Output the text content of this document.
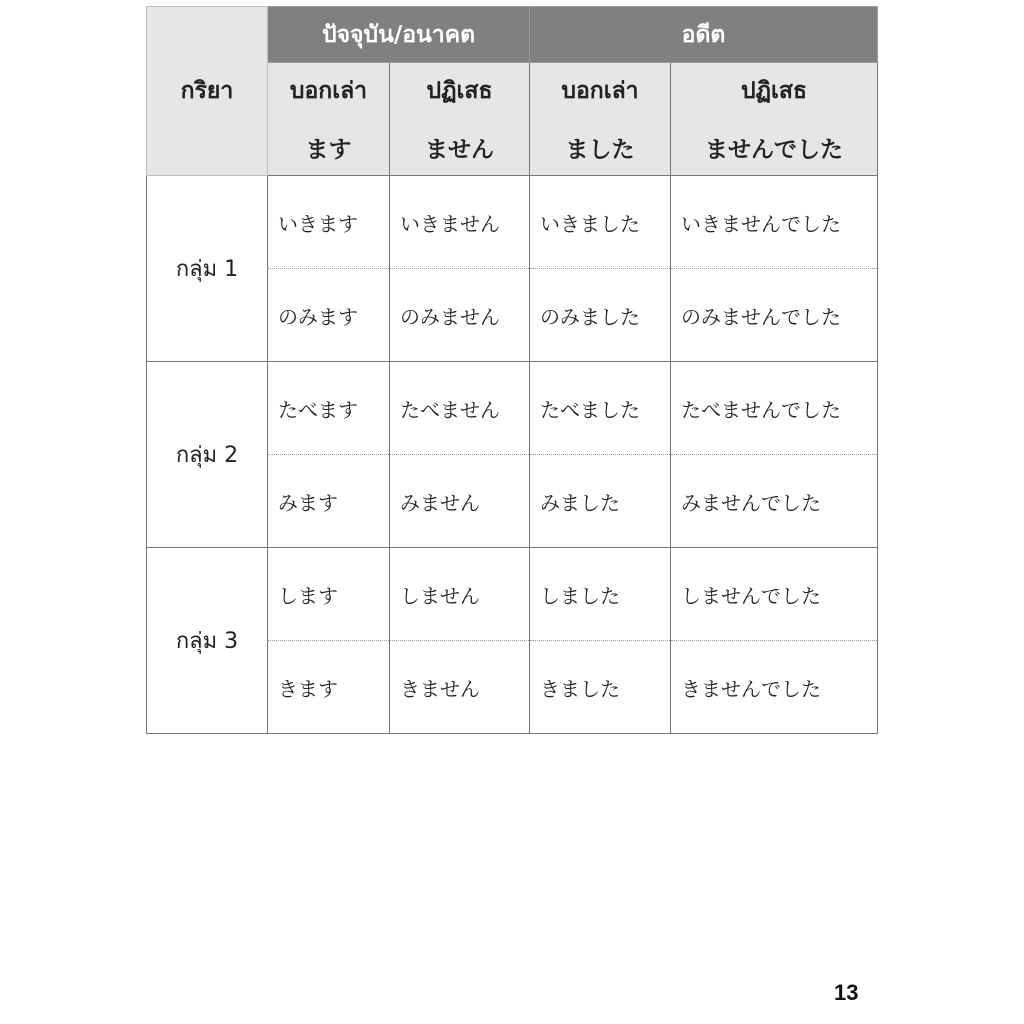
กริยา	ปัจจุบัน/อนาคต		อดีต	
	บอกเล่า	ปฏิเสธ	บอกเล่า	ปฏิเสธ
	ます	ません	ました	ませんでした
กลุ่ม 1	いきます	いきません	いきました	いきませんでした
	のみます	のみません	のみました	のみませんでした
กลุ่ม 2	たべます	たべません	たべました	たべませんでした
	みます	みません	みました	みませんでした
กลุ่ม 3	します	しません	しました	しませんでした
	きます	きません	きました	きませんでした
13
